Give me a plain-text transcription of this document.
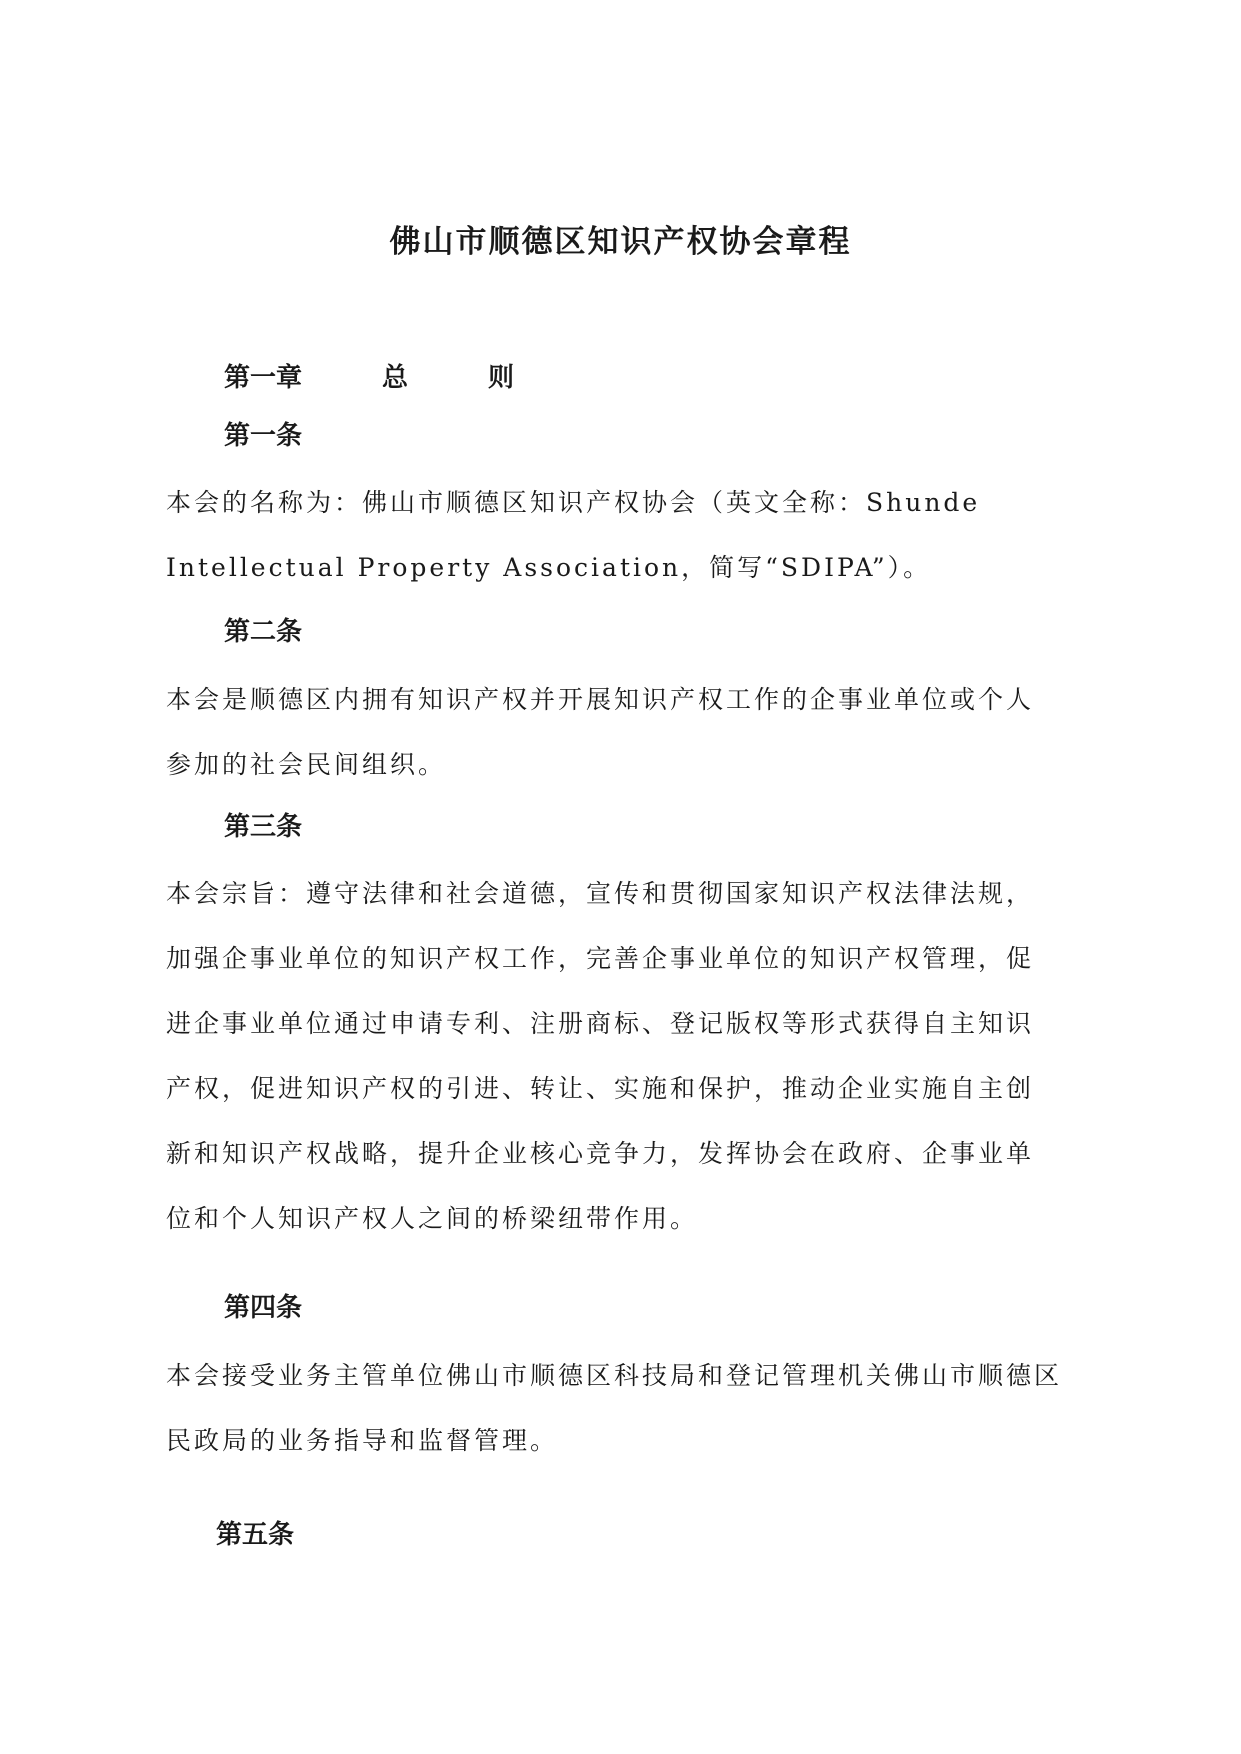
佛山市顺德区知识产权协会章程
第一章	总	则
第一条
本会的名称为：佛山市顺德区知识产权协会（英文全称：Shunde
Intellectual Property Association，简写“SDIPA”）。
第二条
本会是顺德区内拥有知识产权并开展知识产权工作的企事业单位或个人
参加的社会民间组织。
第三条
本会宗旨：遵守法律和社会道德，宣传和贯彻国家知识产权法律法规，
加强企事业单位的知识产权工作，完善企事业单位的知识产权管理，促
进企事业单位通过申请专利、注册商标、登记版权等形式获得自主知识
产权，促进知识产权的引进、转让、实施和保护，推动企业实施自主创
新和知识产权战略，提升企业核心竞争力，发挥协会在政府、企事业单
位和个人知识产权人之间的桥梁纽带作用。
第四条
本会接受业务主管单位佛山市顺德区科技局和登记管理机关佛山市顺德区
民政局的业务指导和监督管理。
第五条
